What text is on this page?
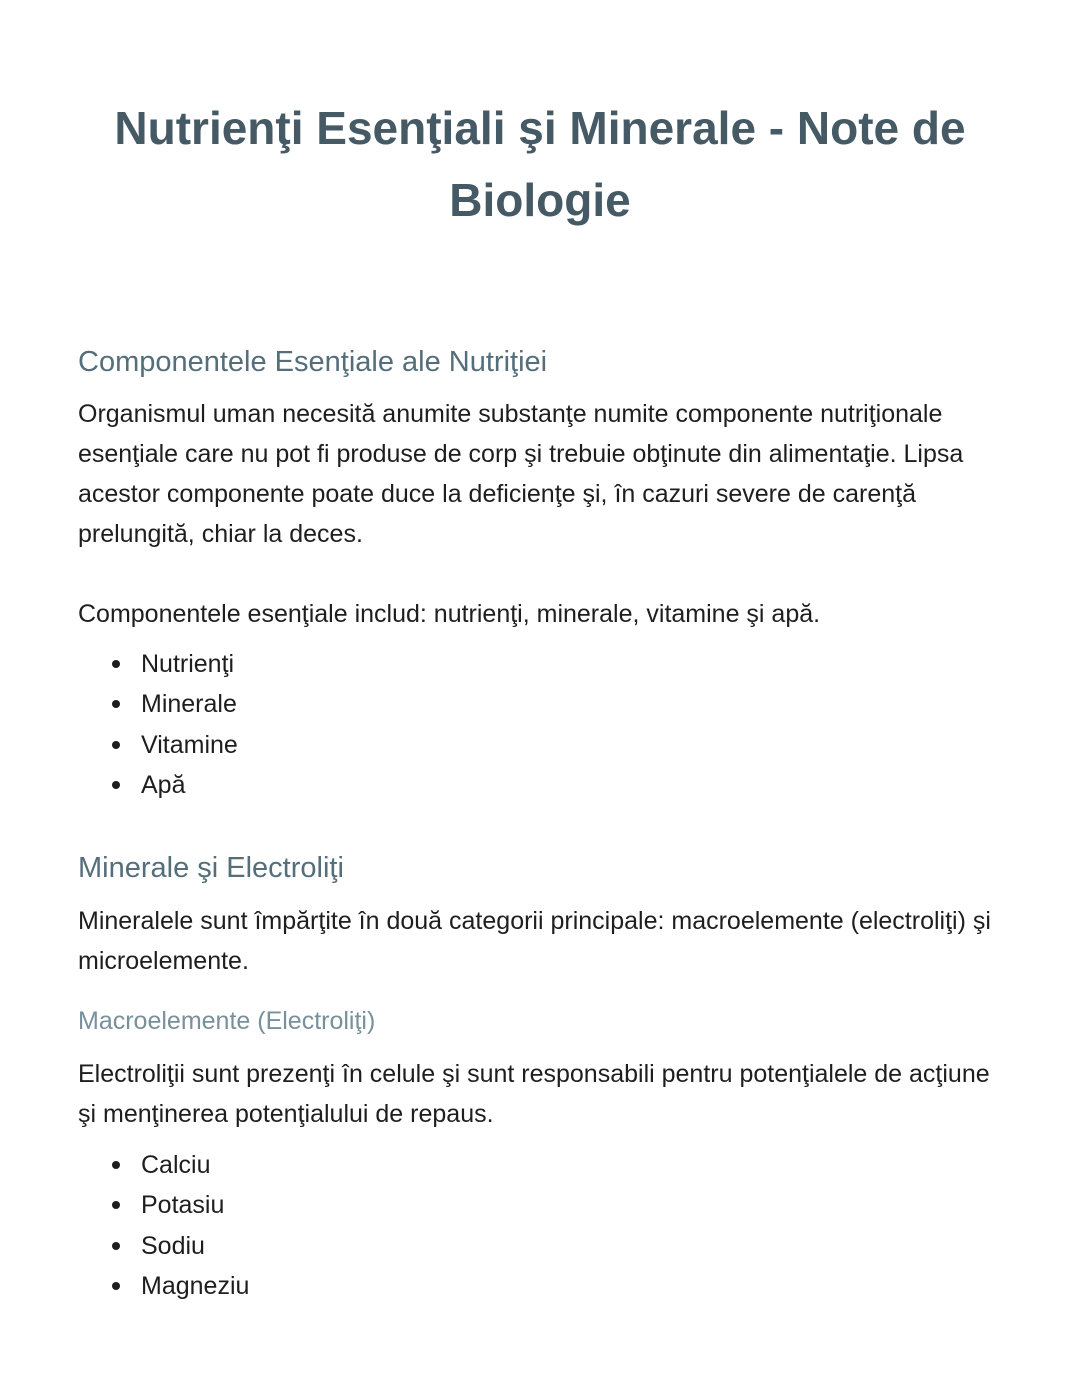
Nutrienţi Esenţiali şi Minerale - Note de Biologie
Componentele Esenţiale ale Nutriţiei

Organismul uman necesită anumite substanţe numite componente nutriţionale esenţiale care nu pot fi produse de corp şi trebuie obţinute din alimentaţie. Lipsa acestor componente poate duce la deficienţe şi, în cazuri severe de carenţă prelungită, chiar la deces.

Componentele esenţiale includ: nutrienţi, minerale, vitamine şi apă.

Nutrienţi
Minerale
Vitamine
Apă
Minerale şi Electroliţi

Mineralele sunt împărţite în două categorii principale: macroelemente (electroliţi) şi microelemente.

Macroelemente (Electroliţi)

Electroliţii sunt prezenţi în celule şi sunt responsabili pentru potenţialele de acţiune şi menţinerea potenţialului de repaus.

Calciu
Potasiu
Sodiu
Magneziu
